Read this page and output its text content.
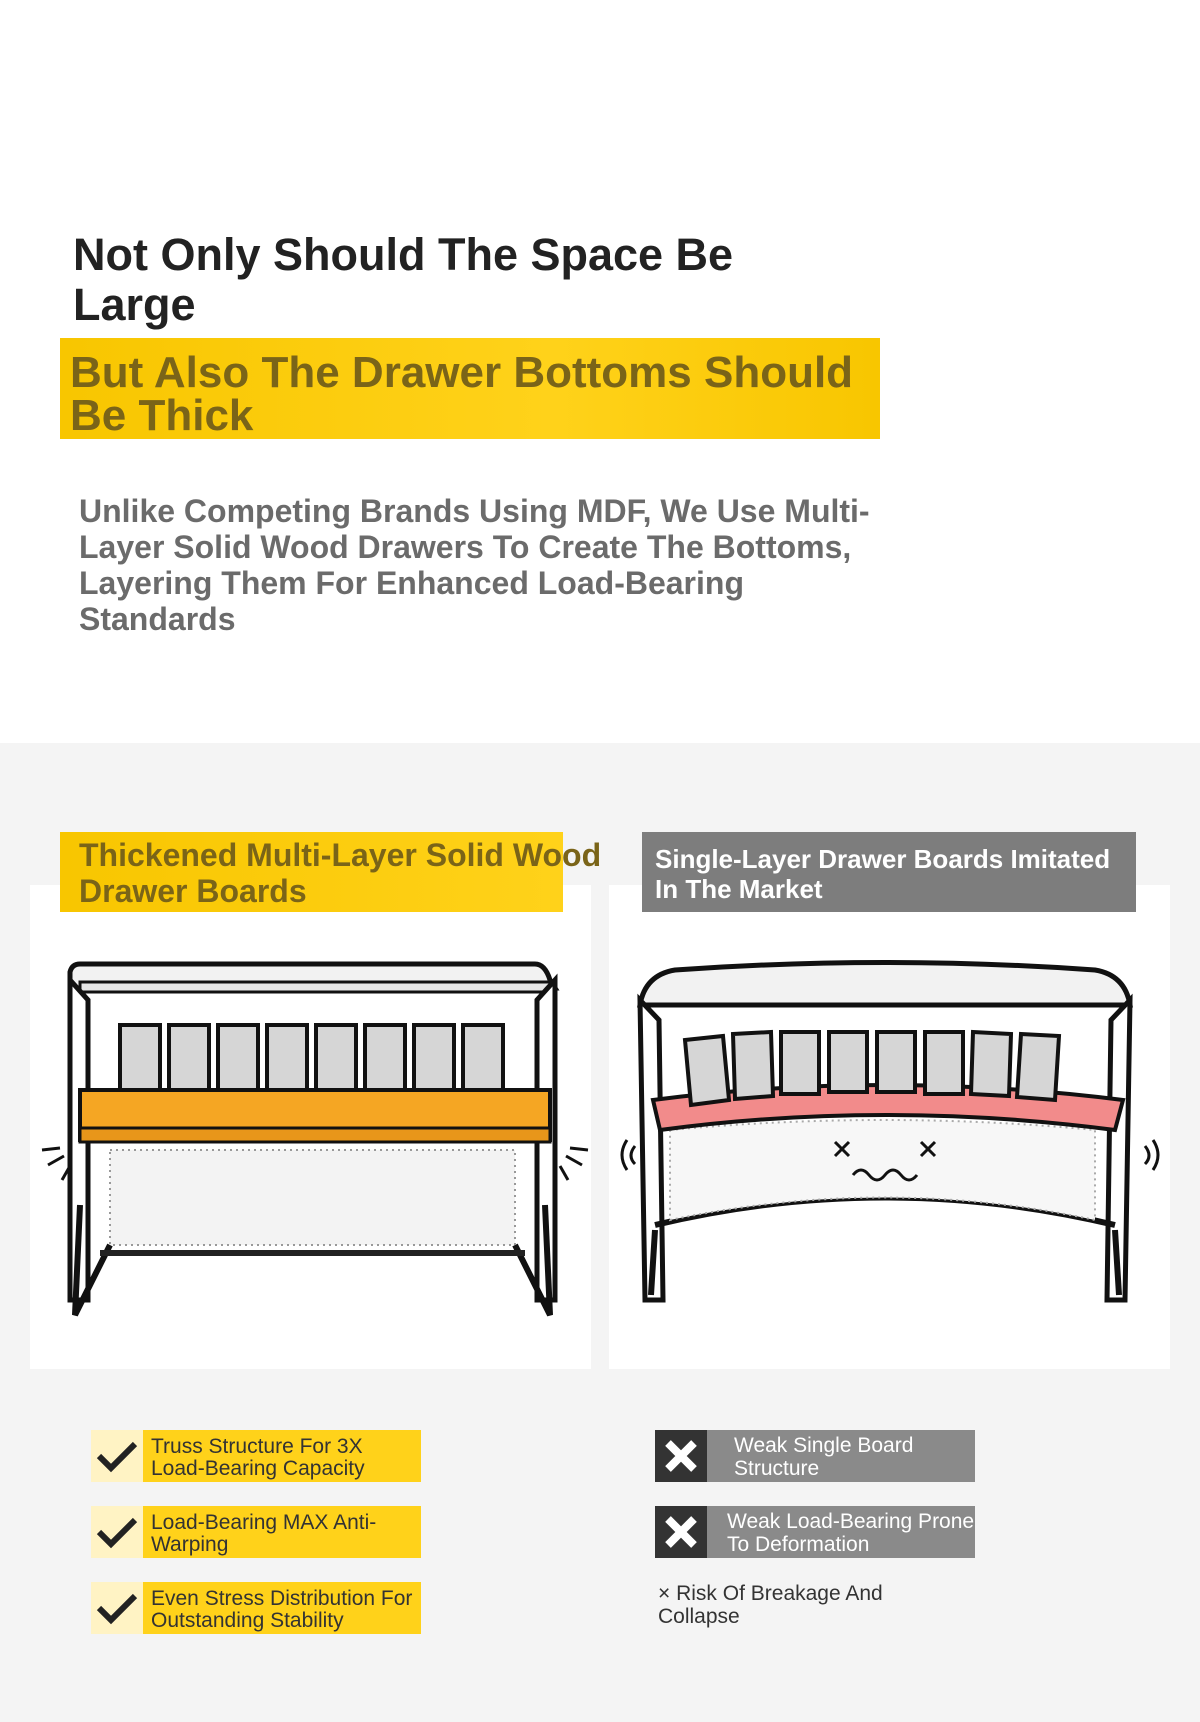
Not Only Should The Space Be Large
But Also The Drawer Bottoms Should Be Thick

Unlike Competing Brands Using MDF, We Use Multi-Layer Solid Wood Drawers To Create The Bottoms, Layering Them For Enhanced Load-Bearing Standards

Thickened Multi-Layer Solid Wood Drawer Boards
Single-Layer Drawer Boards Imitated In The Market
Truss Structure For 3X Load-Bearing Capacity
Load-Bearing MAX Anti-Warping
Even Stress Distribution For Outstanding Stability
Weak Single Board Structure
Weak Load-Bearing Prone To Deformation
× Risk Of Breakage And Collapse
